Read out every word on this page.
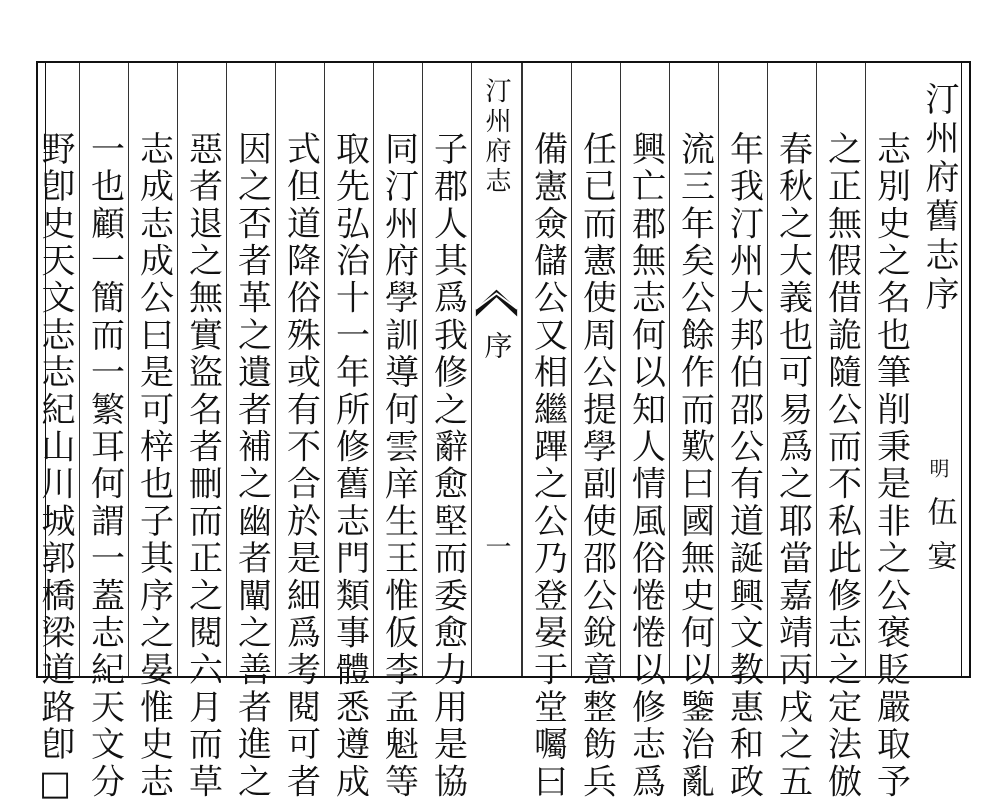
汀州府舊志序
明
伍宴
志別史之名也筆削秉是非之公褒貶嚴取予
之正無假借詭隨公而不私此修志之定法倣
春秋之大義也可易爲之耶當嘉靖丙戌之五
年我汀州大邦伯邵公有道誕興文教惠和政
流三年矣公餘作而歎曰國無史何以鑒治亂
興亡郡無志何以知人情風俗惓惓以修志爲
任已而憲使周公提學副使邵公銳意整飭兵
備憲僉儲公又相繼蹕之公乃登晏于堂囑曰
汀州府志
序
一
子郡人其爲我修之辭愈堅而委愈力用是協
同汀州府學訓導何雲庠生王惟仮李孟魁等
取先弘治十一年所修舊志門類事體悉遵成
式但道降俗殊或有不合於是細爲考閱可者
因之否者革之遺者補之幽者闡之善者進之
惡者退之無實盜名者刪而正之閱六月而草
志成志成公曰是可梓也子其序之晏惟史志
一也顧一簡而一繁耳何謂一蓋志紀天文分
野卽史天文志志紀山川城郭橋梁道路卽□
